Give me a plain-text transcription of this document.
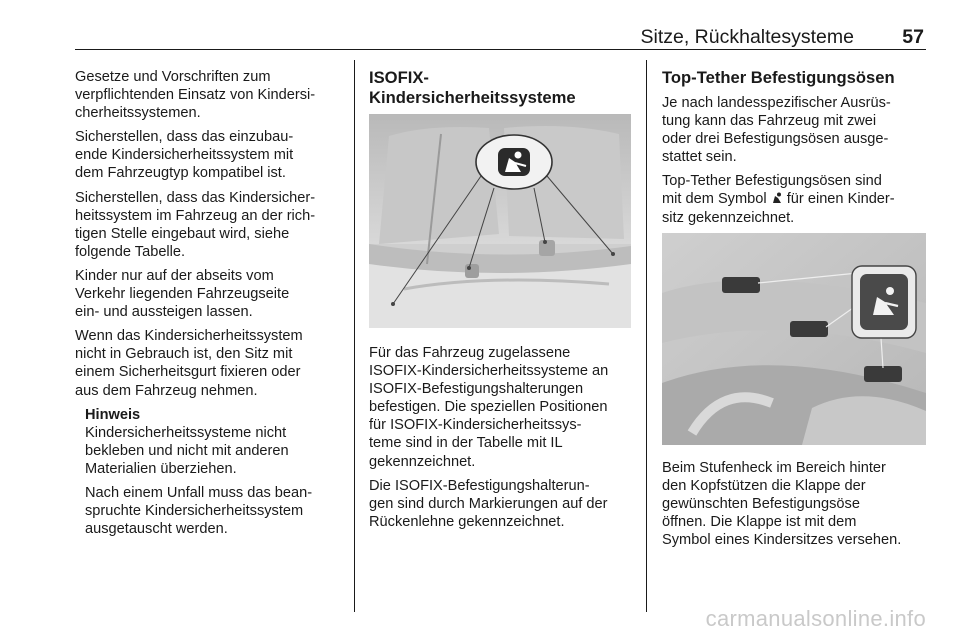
Sitze, Rückhaltesysteme 57

Gesetze und Vorschriften zum
verpflichtenden Einsatz von Kindersi-
cherheitssystemen.

Sicherstellen, dass das einzubau-
ende Kindersicherheitssystem mit
dem Fahrzeugtyp kompatibel ist.

Sicherstellen, dass das Kindersicher-
heitssystem im Fahrzeug an der rich-
tigen Stelle eingebaut wird, siehe
folgende Tabelle.

Kinder nur auf der abseits vom
Verkehr liegenden Fahrzeugseite
ein- und aussteigen lassen.

Wenn das Kindersicherheitssystem
nicht in Gebrauch ist, den Sitz mit
einem Sicherheitsgurt fixieren oder
aus dem Fahrzeug nehmen.

Hinweis

Kindersicherheitssysteme nicht
bekleben und nicht mit anderen
Materialien überziehen.

Nach einem Unfall muss das bean-
spruchte Kindersicherheitssystem
ausgetauscht werden.

ISOFIX-
Kindersicherheitssysteme

Für das Fahrzeug zugelassene
ISOFIX-Kindersicherheitssysteme an
ISOFIX-Befestigungshalterungen
befestigen. Die speziellen Positionen
für ISOFIX-Kindersicherheitssys-
teme sind in der Tabelle mit IL
gekennzeichnet.

Die ISOFIX-Befestigungshalterun-
gen sind durch Markierungen auf der
Rückenlehne gekennzeichnet.

Top-Tether Befestigungsösen

Je nach landesspezifischer Ausrüs-
tung kann das Fahrzeug mit zwei
oder drei Befestigungsösen ausge-
stattet sein.

Top-Tether Befestigungsösen sind
mit dem Symbol für einen Kinder-
sitz gekennzeichnet.

Beim Stufenheck im Bereich hinter
den Kopfstützen die Klappe der
gewünschten Befestigungsöse
öffnen. Die Klappe ist mit dem
Symbol eines Kindersitzes versehen.

carmanualsonline.info
